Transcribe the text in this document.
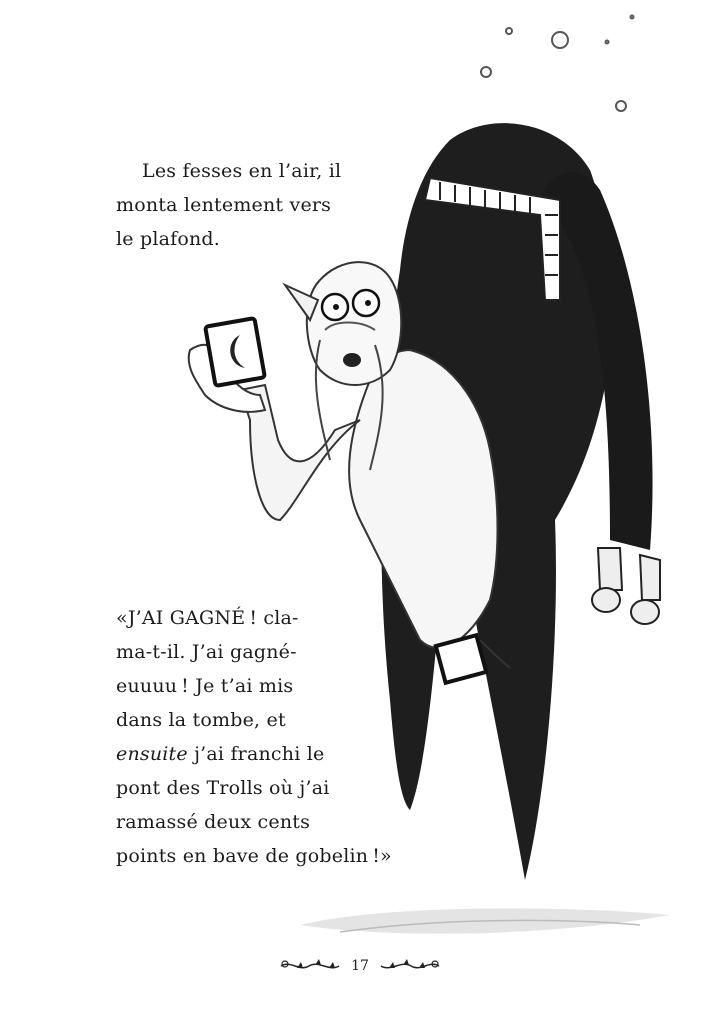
Les fesses en l’air, il
monta lentement vers
le plafond.
«J’AI GAGNÉ ! cla-
ma-t-il. J’ai gagné-
euuuu ! Je t’ai mis
dans la tombe, et
ensuite j’ai franchi le
pont des Trolls où j’ai
ramassé deux cents
points en bave de gobelin !»
17
